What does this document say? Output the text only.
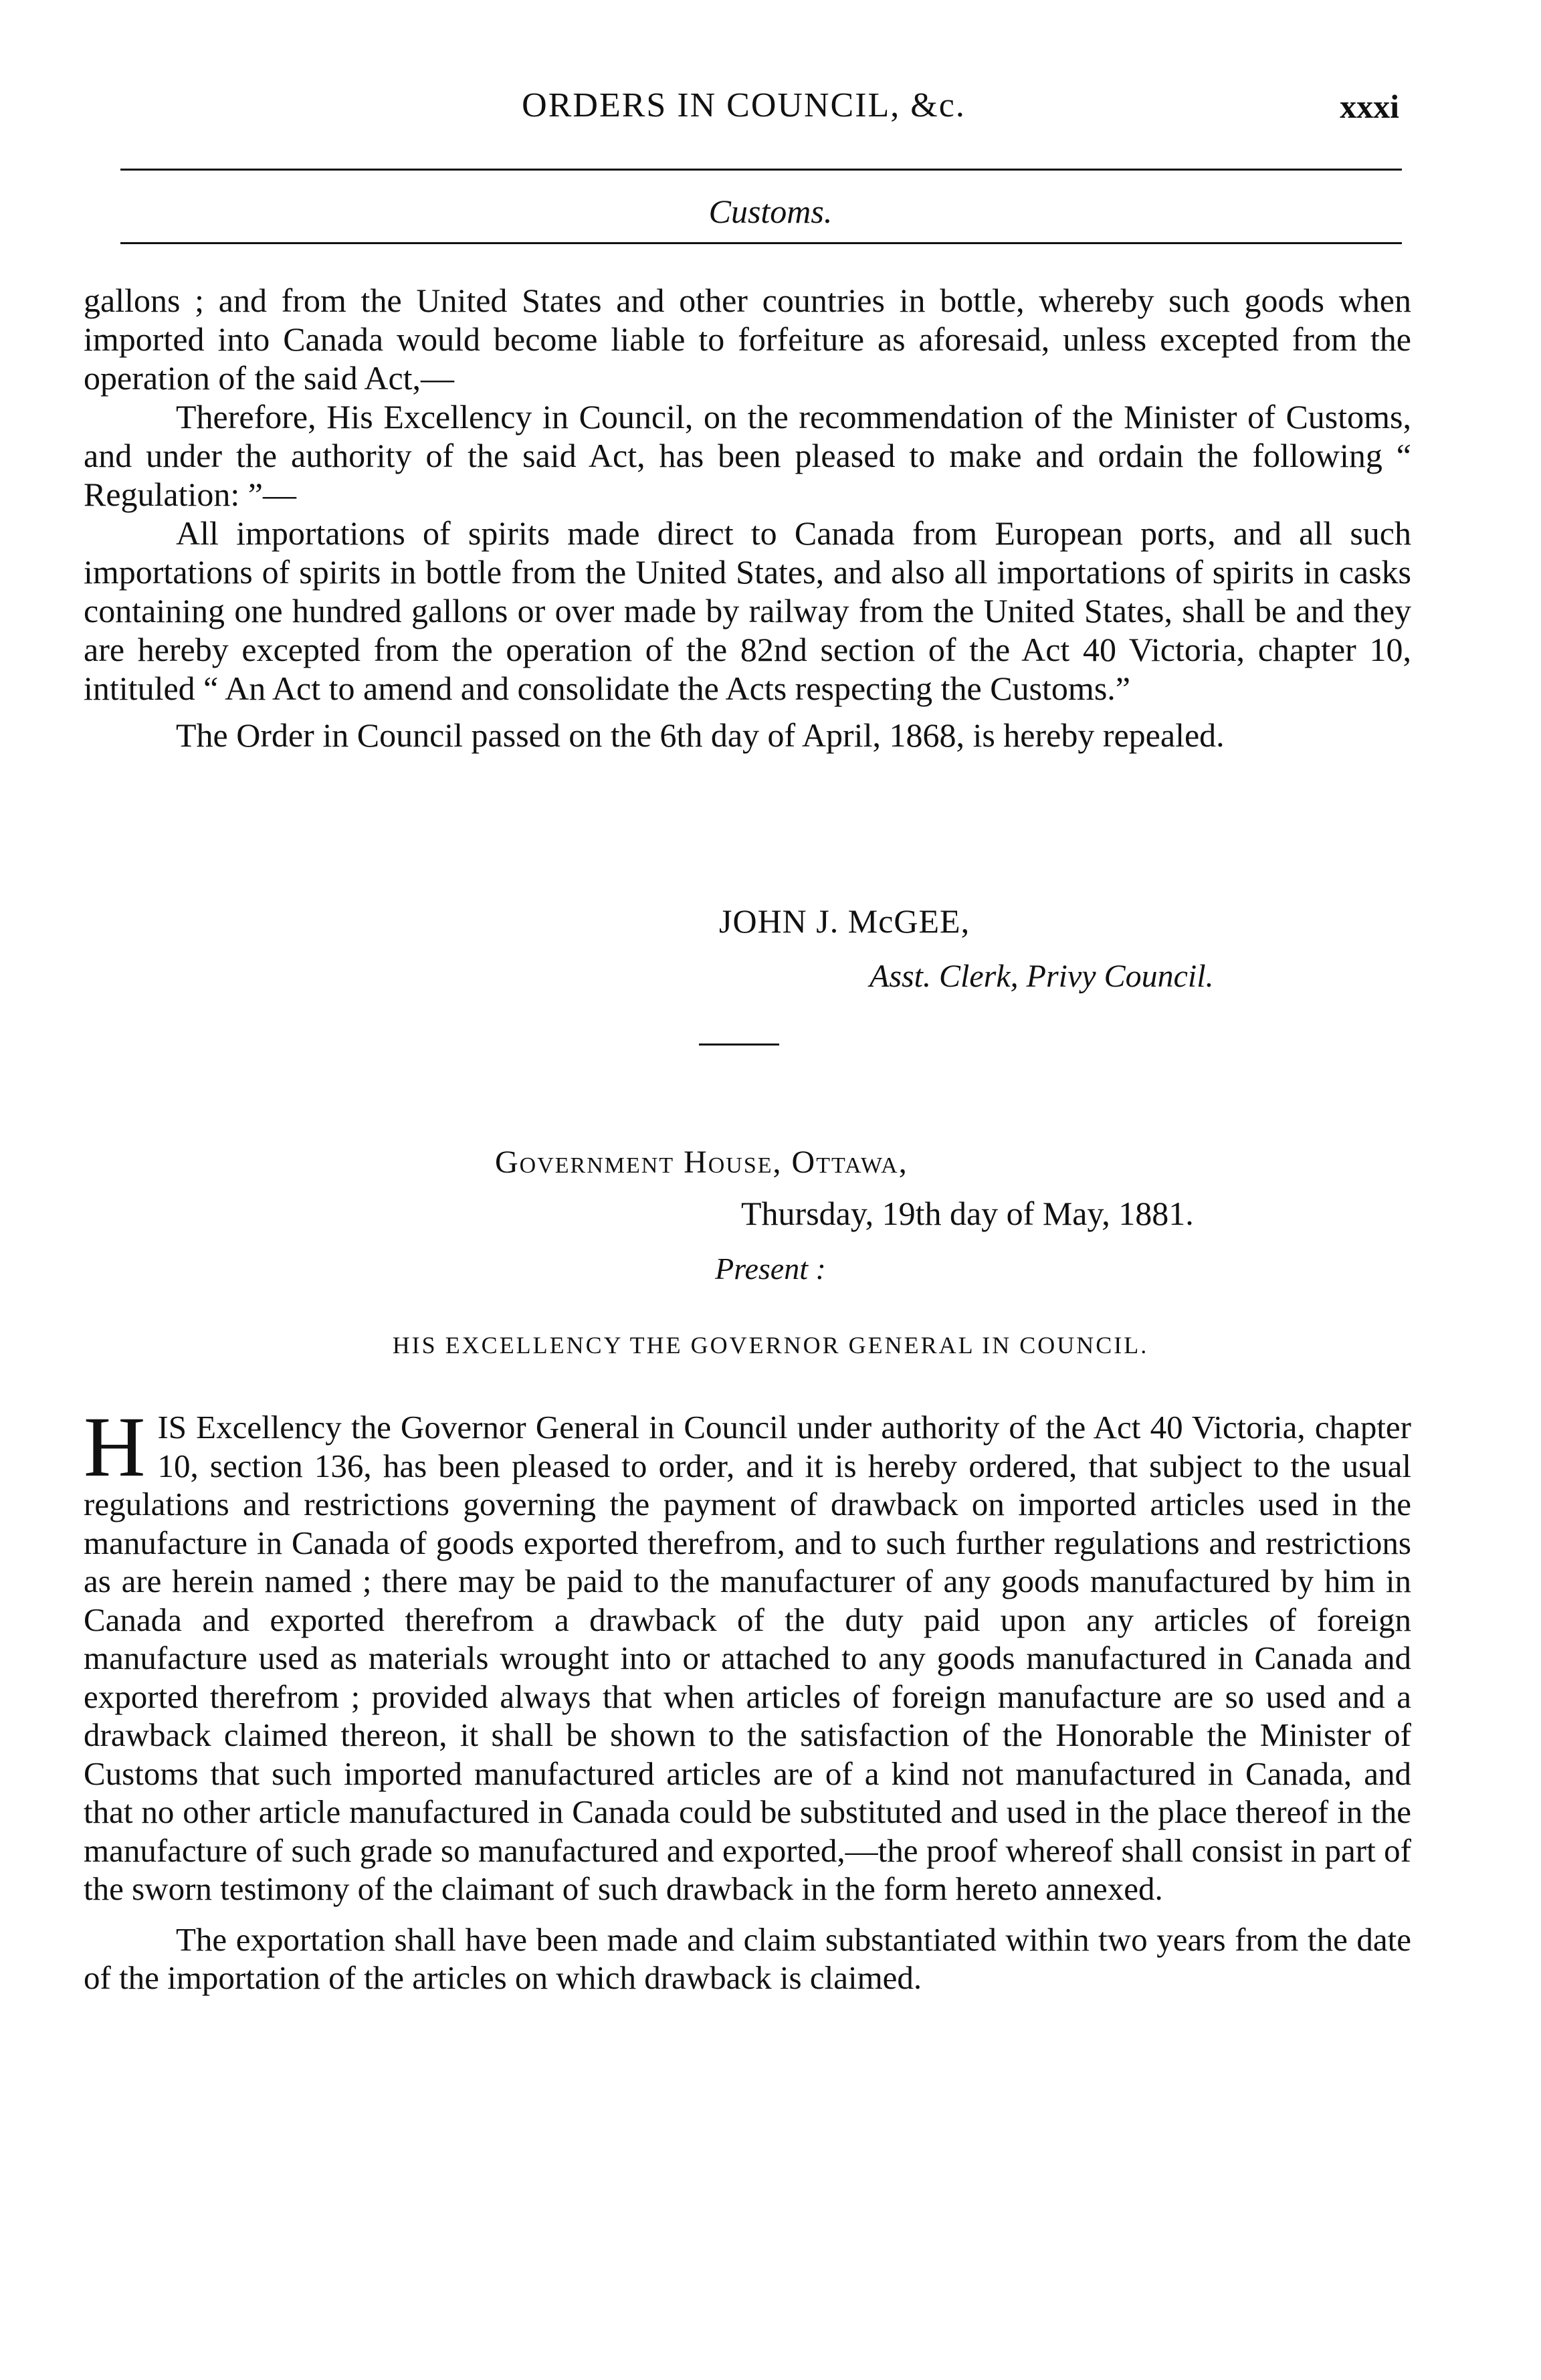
ORDERS IN COUNCIL, &c.	xxxi
Customs.

gallons ; and from the United States and other countries in bottle, whereby such goods when imported into Canada would become liable to forfeiture as aforesaid, unless excepted from the operation of the said Act,—

Therefore, His Excellency in Council, on the recommendation of the Minister of Customs, and under the authority of the said Act, has been pleased to make and ordain the following “ Regulation: ”—

All importations of spirits made direct to Canada from European ports, and all such importations of spirits in bottle from the United States, and also all importations of spirits in casks containing one hundred gallons or over made by railway from the United States, shall be and they are hereby excepted from the operation of the 82nd section of the Act 40 Victoria, chapter 10, intituled “ An Act to amend and consolidate the Acts respecting the Customs.”

The Order in Council passed on the 6th day of April, 1868, is hereby repealed.

JOHN J. McGEE,
Asst. Clerk, Privy Council.
Government House, Ottawa,
Thursday, 19th day of May, 1881.
Present :
HIS EXCELLENCY THE GOVERNOR GENERAL IN COUNCIL.

HIS Excellency the Governor General in Council under authority of the Act 40 Victoria, chapter 10, section 136, has been pleased to order, and it is hereby ordered, that subject to the usual regulations and restrictions governing the payment of drawback on imported articles used in the manufacture in Canada of goods exported therefrom, and to such further regulations and restrictions as are herein named ; there may be paid to the manufacturer of any goods manufactured by him in Canada and exported therefrom a drawback of the duty paid upon any articles of foreign manufacture used as materials wrought into or attached to any goods manufactured in Canada and exported therefrom ; provided always that when articles of foreign manufacture are so used and a drawback claimed thereon, it shall be shown to the satisfaction of the Honorable the Minister of Customs that such imported manufactured articles are of a kind not manufactured in Canada, and that no other article manufactured in Canada could be substituted and used in the place thereof in the manufacture of such grade so manufactured and exported,—the proof whereof shall consist in part of the sworn testimony of the claimant of such drawback in the form hereto annexed.

The exportation shall have been made and claim substantiated within two years from the date of the importation of the articles on which drawback is claimed.
